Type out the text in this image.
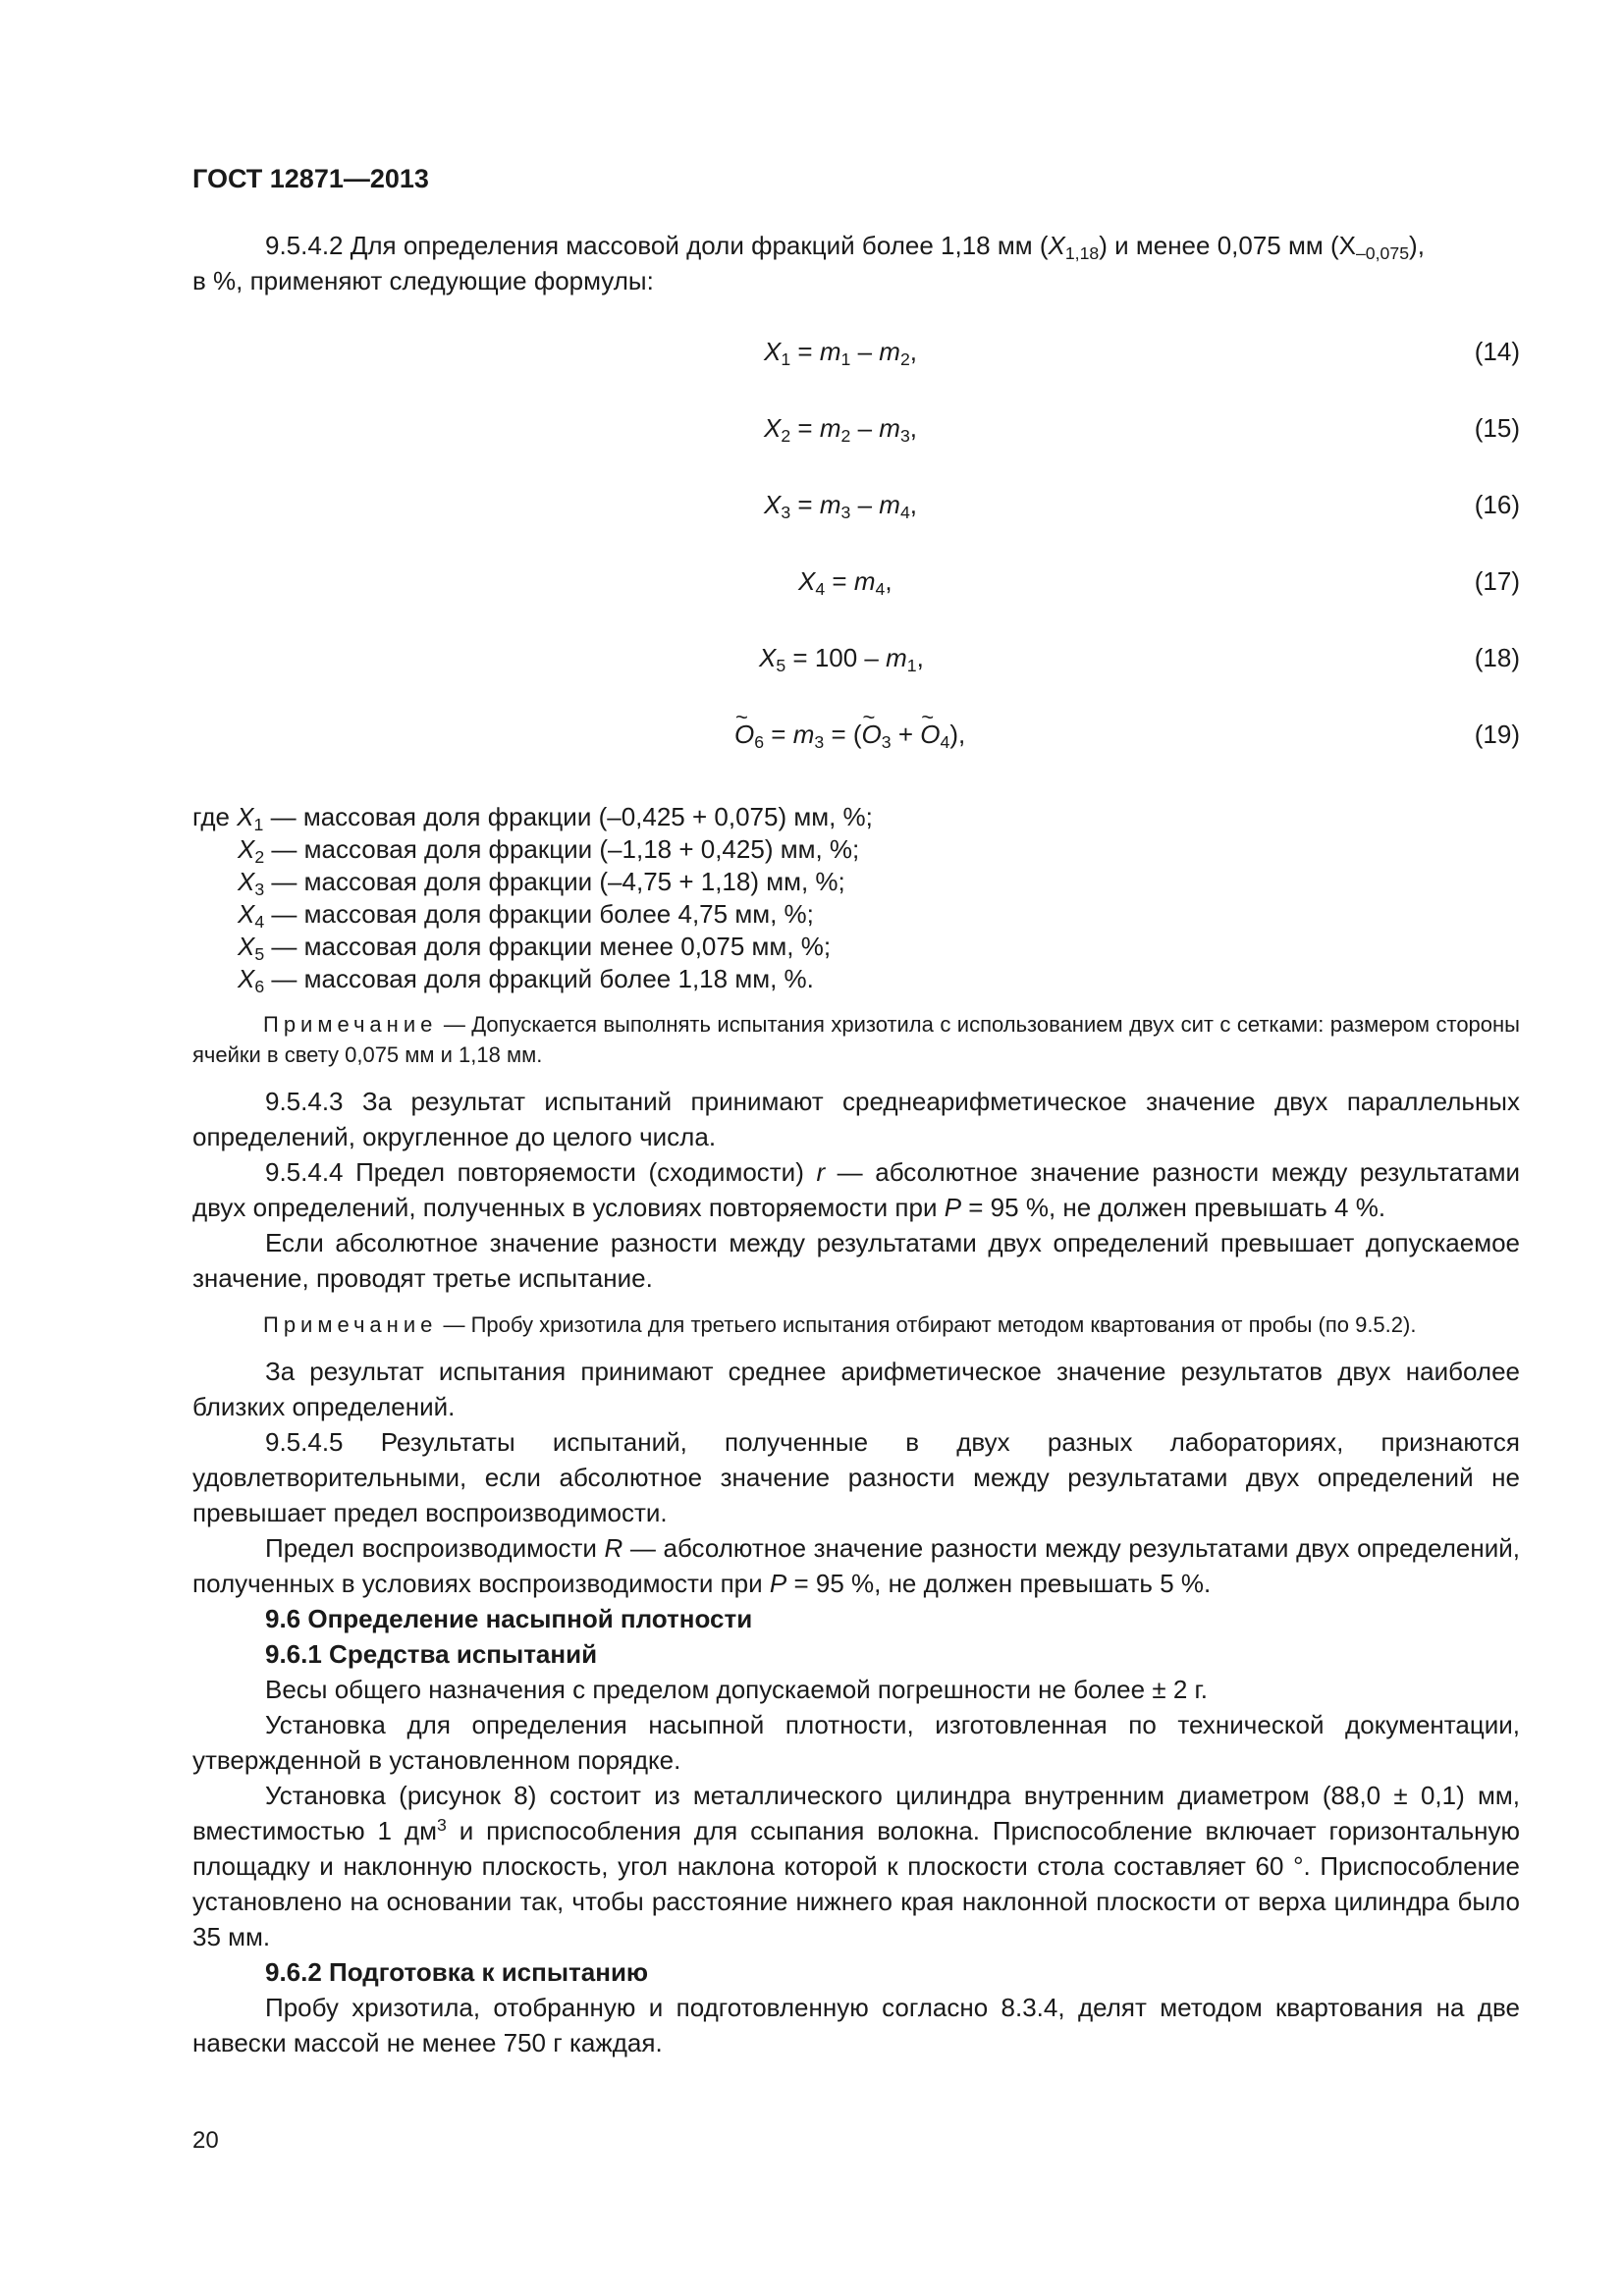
ГОСТ 12871—2013

9.5.4.2 Для определения массовой доли фракций более 1,18 мм $(X_{1,18})$ и менее 0,075 мм $(X_{-0,075})$,
в %, применяют следующие формулы:

$X_1 = m_1 - m_2$,	(14)
$X_2 = m_2 - m_3$,	(15)
$X_3 = m_3 - m_4$,	(16)
$X_4 = m_4$,	(17)
$X_5 = 100 - m_1$,	(18)
~ $O_6 = m_3$ = (~ $O_3$ + ~ $O_4$),	(19)

где $X_1$ — массовая доля фракции (–0,425 + 0,075) мм, %;

$X_2$ — массовая доля фракции (–1,18 + 0,425) мм, %;

$X_3$ — массовая доля фракции (–4,75 + 1,18) мм, %;

$X_4$ — массовая доля фракции более 4,75 мм, %;

$X_5$ — массовая доля фракции менее 0,075 мм, %;

$X_6$ — массовая доля фракций более 1,18 мм, %.

Примечание — Допускается выполнять испытания хризотила с использованием двух сит с сетками: размером стороны ячейки в свету 0,075 мм и 1,18 мм.

9.5.4.3 За результат испытаний принимают среднеарифметическое значение двух параллельных определений, округленное до целого числа.

9.5.4.4 Предел повторяемости (сходимости) r — абсолютное значение разности между результатами двух определений, полученных в условиях повторяемости при P = 95 %, не должен превышать 4 %.

Если абсолютное значение разности между результатами двух определений превышает допускаемое значение, проводят третье испытание.

Примечание — Пробу хризотила для третьего испытания отбирают методом квартования от пробы (по 9.5.2).

За результат испытания принимают среднее арифметическое значение результатов двух наиболее близких определений.

9.5.4.5 Результаты испытаний, полученные в двух разных лабораториях, признаются удовлетворительными, если абсолютное значение разности между результатами двух определений не превышает предел воспроизводимости.

Предел воспроизводимости R — абсолютное значение разности между результатами двух определений, полученных в условиях воспроизводимости при P = 95 %, не должен превышать 5 %.

9.6 Определение насыпной плотности

9.6.1 Средства испытаний

Весы общего назначения с пределом допускаемой погрешности не более ± 2 г.

Установка для определения насыпной плотности, изготовленная по технической документации, утвержденной в установленном порядке.

Установка (рисунок 8) состоит из металлического цилиндра внутренним диаметром (88,0 ± 0,1) мм, вместимостью 1 $дм^3$ и приспособления для ссыпания волокна. Приспособление включает горизонтальную площадку и наклонную плоскость, угол наклона которой к плоскости стола составляет 60 °. Приспособление установлено на основании так, чтобы расстояние нижнего края наклонной плоскости от верха цилиндра было 35 мм.

9.6.2 Подготовка к испытанию

Пробу хризотила, отобранную и подготовленную согласно 8.3.4, делят методом квартования на две навески массой не менее 750 г каждая.

20
